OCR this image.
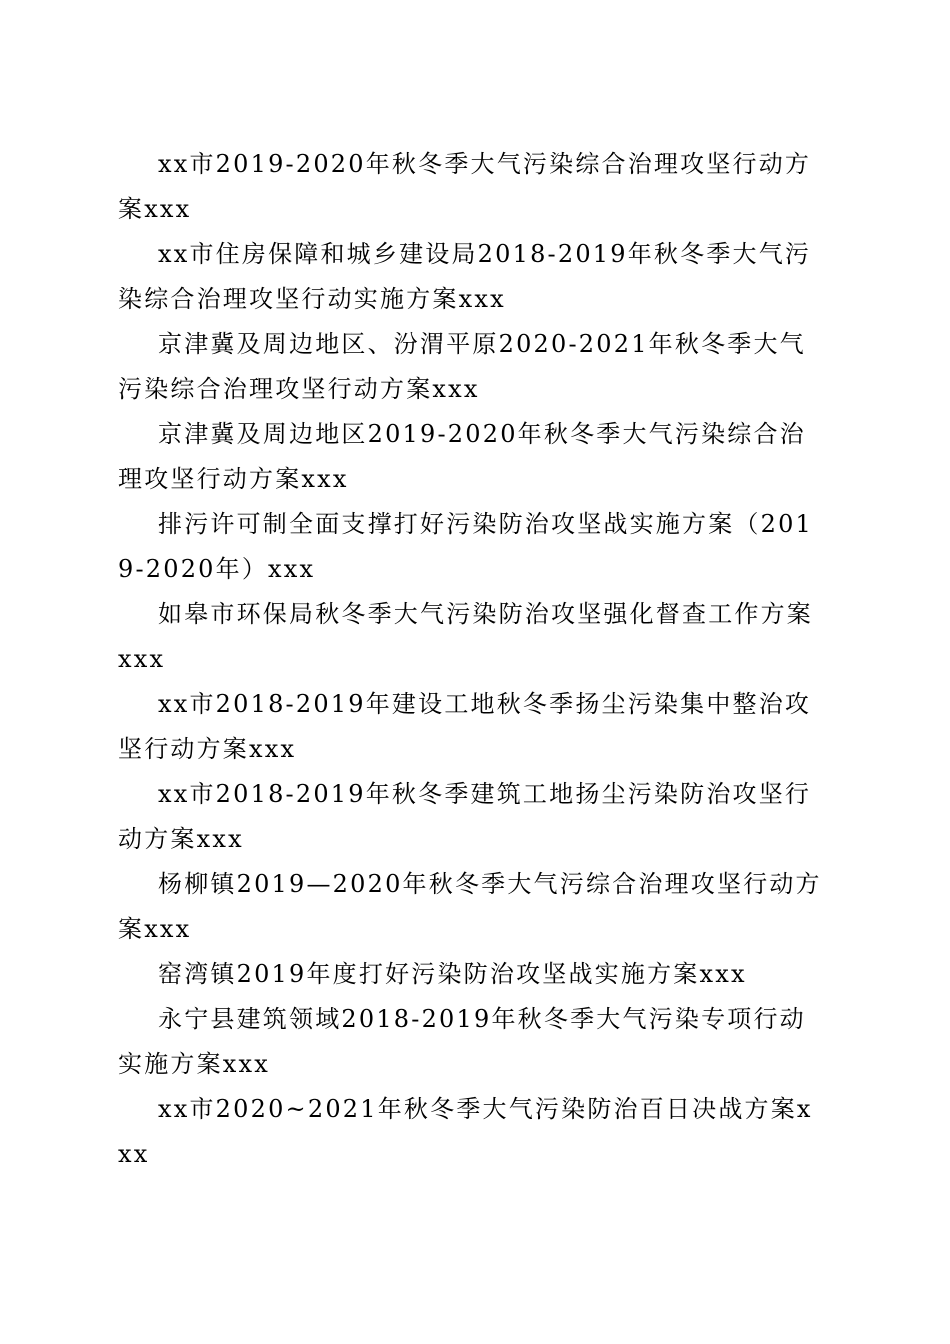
xx市2019-2020年秋冬季大气污染综合治理攻坚行动方案xxx
xx市住房保障和城乡建设局2018-2019年秋冬季大气污染综合治理攻坚行动实施方案xxx
京津冀及周边地区、汾渭平原2020-2021年秋冬季大气污染综合治理攻坚行动方案xxx
京津冀及周边地区2019-2020年秋冬季大气污染综合治理攻坚行动方案xxx
排污许可制全面支撑打好污染防治攻坚战实施方案（2019-2020年）xxx
如皋市环保局秋冬季大气污染防治攻坚强化督查工作方案xxx
xx市2018-2019年建设工地秋冬季扬尘污染集中整治攻坚行动方案xxx
xx市2018-2019年秋冬季建筑工地扬尘污染防治攻坚行动方案xxx
杨柳镇2019—2020年秋冬季大气污综合治理攻坚行动方案xxx
窑湾镇2019年度打好污染防治攻坚战实施方案xxx
永宁县建筑领域2018-2019年秋冬季大气污染专项行动实施方案xxx
xx市2020~2021年秋冬季大气污染防治百日决战方案xxx
